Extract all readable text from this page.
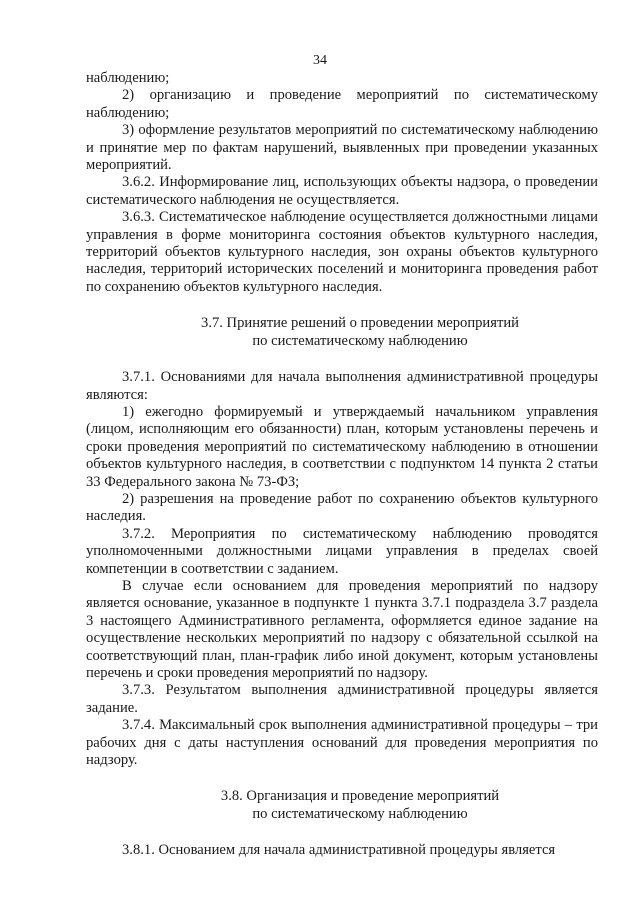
34

наблюдению;

2) организацию и проведение мероприятий по систематическому наблюдению;

3) оформление результатов мероприятий по систематическому наблюдению и принятие мер по фактам нарушений, выявленных при проведении указанных мероприятий.

3.6.2. Информирование лиц, использующих объекты надзора, о проведении систематического наблюдения не осуществляется.

3.6.3. Систематическое наблюдение осуществляется должностными лицами управления в форме мониторинга состояния объектов культурного наследия, территорий объектов культурного наследия, зон охраны объектов культурного наследия, территорий исторических поселений и мониторинга проведения работ по сохранению объектов культурного наследия.

3.7. Принятие решений о проведении мероприятий

по систематическому наблюдению

3.7.1. Основаниями для начала выполнения административной процедуры являются:

1) ежегодно формируемый и утверждаемый начальником управления (лицом, исполняющим его обязанности) план, которым установлены перечень и сроки проведения мероприятий по систематическому наблюдению в отношении объектов культурного наследия, в соответствии с подпунктом 14 пункта 2 статьи 33 Федерального закона № 73-ФЗ;

2) разрешения на проведение работ по сохранению объектов культурного наследия.

3.7.2. Мероприятия по систематическому наблюдению проводятся уполномоченными должностными лицами управления в пределах своей компетенции в соответствии с заданием.

В случае если основанием для проведения мероприятий по надзору является основание, указанное в подпункте 1 пункта 3.7.1 подраздела 3.7 раздела 3 настоящего Административного регламента, оформляется единое задание на осуществление нескольких мероприятий по надзору с обязательной ссылкой на соответствующий план, план-график либо иной документ, которым установлены перечень и сроки проведения мероприятий по надзору.

3.7.3. Результатом выполнения административной процедуры является задание.

3.7.4. Максимальный срок выполнения административной процедуры – три рабочих дня с даты наступления оснований для проведения мероприятия по надзору.

3.8. Организация и проведение мероприятий

по систематическому наблюдению

3.8.1. Основанием для начала административной процедуры является
